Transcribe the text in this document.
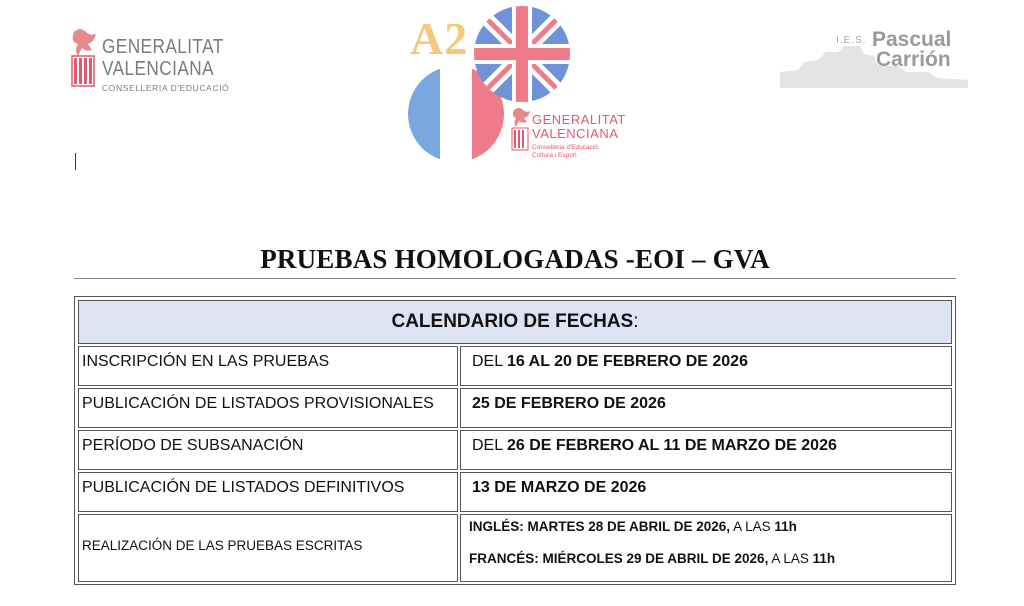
GENERALITAT
VALENCIANA
CONSELLERIA D'EDUCACIÓ
A2
GENERALITAT
VALENCIANA
Conselleria d'Educació,
Cultura i Esport
I.E.S. Pascual
Carrión
PRUEBAS HOMOLOGADAS -EOI – GVA
CALENDARIO DE FECHAS:
INSCRIPCIÓN EN LAS PRUEBAS	DEL 16 AL 20 DE FEBRERO DE 2026
PUBLICACIÓN DE LISTADOS PROVISIONALES 25 DE FEBRERO DE 2026
PERÍODO DE SUBSANACIÓN	DEL 26 DE FEBRERO AL 11 DE MARZO DE 2026
PUBLICACIÓN DE LISTADOS DEFINITIVOS	13 DE MARZO DE 2026
REALIZACIÓN DE LAS PRUEBAS ESCRITAS
INGLÉS: MARTES 28 DE ABRIL DE 2026, A LAS 11h
FRANCÉS: MIÉRCOLES 29 DE ABRIL DE 2026, A LAS 11h
